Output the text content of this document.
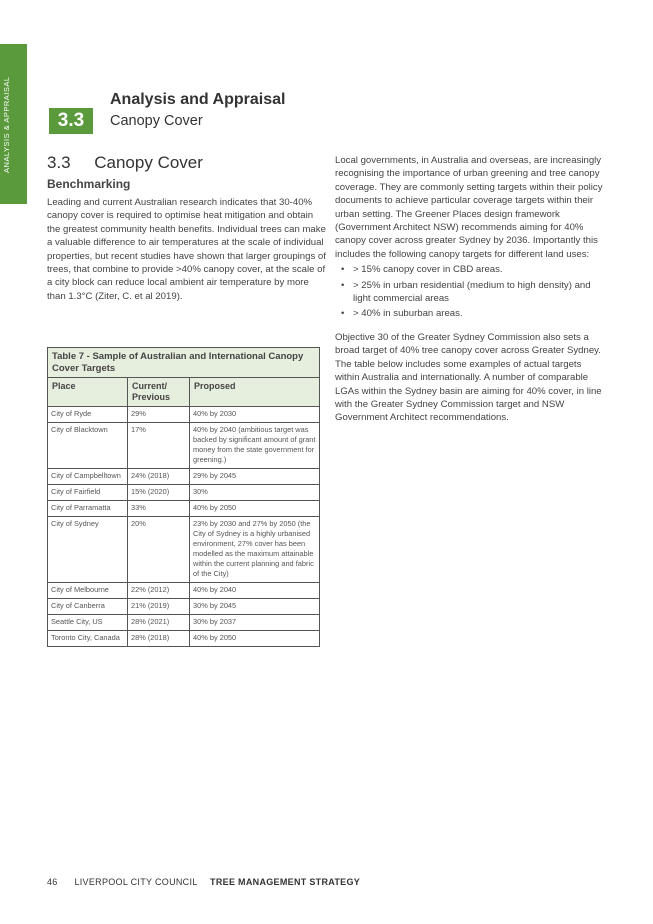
ANALYSIS & APPRAISAL	3.3
Analysis and Appraisal
Canopy Cover
3.3     Canopy Cover
Benchmarking
Leading and current Australian research indicates that 30-40% canopy cover is required to optimise heat mitigation and obtain the greatest community health benefits. Individual trees can make a valuable difference to air temperatures at the scale of individual properties, but recent studies have shown that larger groupings of trees, that combine to provide >40% canopy cover, at the scale of a city block can reduce local ambient air temperature by more than 1.3°C (Ziter, C. et al 2019).

Local governments, in Australia and overseas, are increasingly recognising the importance of urban greening and tree canopy coverage. They are commonly setting targets within their policy documents to achieve particular coverage targets within their urban setting. The Greener Places design framework (Government Architect NSW) recommends aiming for 40% canopy cover across greater Sydney by 2036. Importantly this includes the following canopy targets for different land uses:

• > 15% canopy cover in CBD areas.
• > 25% in urban residential (medium to high density) and light commercial areas
• > 40% in suburban areas.

Objective 30 of the Greater Sydney Commission also sets a broad target of 40% tree canopy cover across Greater Sydney. The table below includes some examples of actual targets within Australia and internationally. A number of comparable LGAs within the Sydney basin are aiming for 40% cover, in line with the Greater Sydney Commission target and NSW Government Architect recommendations.

Table 7 - Sample of Australian and International Canopy Cover Targets
Place	Current/ Previous	Proposed
City of Ryde	29%	40% by 2030
City of Blacktown	17%	40% by 2040 (ambitious target was backed by significant amount of grant money from the state government for greening.)
City of Campbelltown	24% (2018)	29% by 2045
City of Fairfield	15% (2020)	30%
City of Parramatta	33%	40% by 2050
City of Sydney	20%	23% by 2030 and 27% by 2050 (the City of Sydney is a highly urbanised environment, 27% cover has been modelled as the maximum attainable within the current planning and fabric of the City)
City of Melbourne	22% (2012)	40% by 2040
City of Canberra	21% (2019)	30% by 2045
Seattle City, US	28% (2021)	30% by 2037
Toronto City, Canada	28% (2018)	40% by 2050
46 LIVERPOOL CITY COUNCIL TREE MANAGEMENT STRATEGY
